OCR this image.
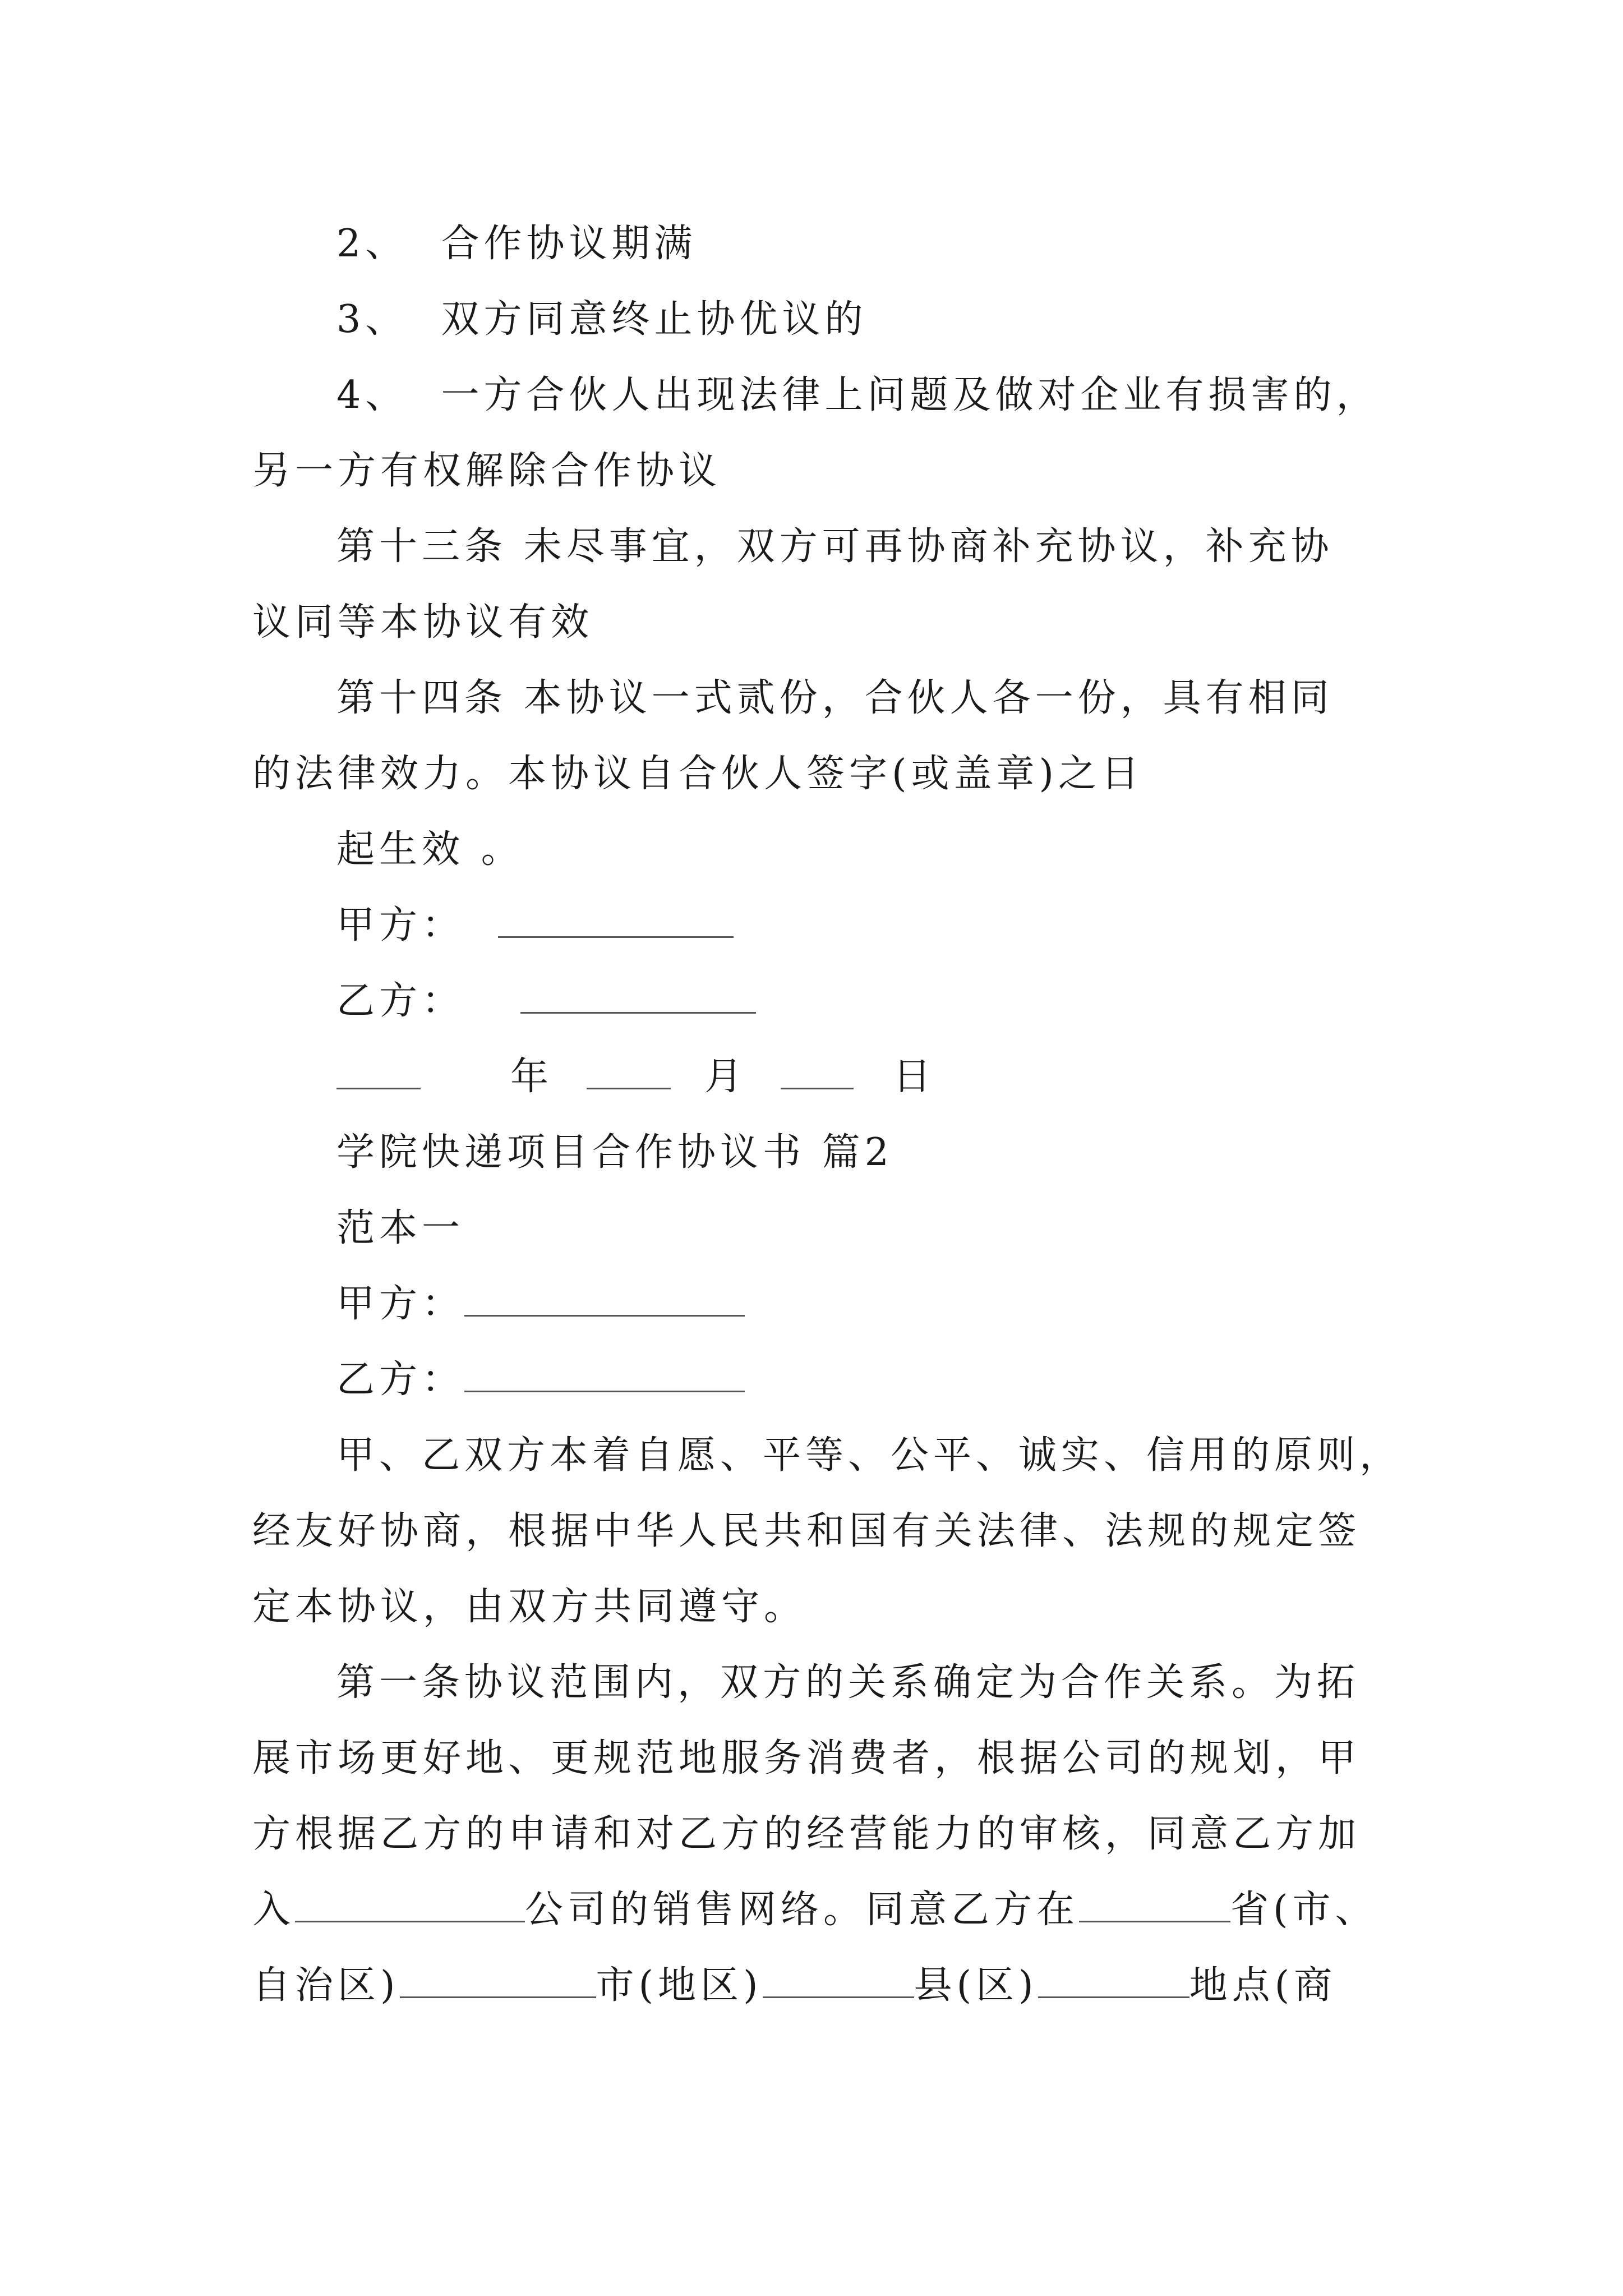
2、  合作协议期满
3、  双方同意终止协优议的
4、  一方合伙人出现法律上问题及做对企业有损害的，
另一方有权解除合作协议
第十三条 未尽事宜，双方可再协商补充协议，补充协
议同等本协议有效
第十四条 本协议一式贰份，合伙人各一份，具有相同
的法律效力。本协议自合伙人签字(或盖章)之日
起生效 。
甲方：
乙方：
年	月	日
学院快递项目合作协议书 篇2
范本一
甲方：
乙方：
甲、乙双方本着自愿、平等、公平、诚实、信用的原则，
经友好协商，根据中华人民共和国有关法律、法规的规定签
定本协议，由双方共同遵守。
第一条协议范围内，双方的关系确定为合作关系。为拓
展市场更好地、更规范地服务消费者，根据公司的规划，甲
方根据乙方的申请和对乙方的经营能力的审核，同意乙方加
入	公司的销售网络。同意乙方在	省(市、
自治区)	市(地区)	县(区)	地点(商
